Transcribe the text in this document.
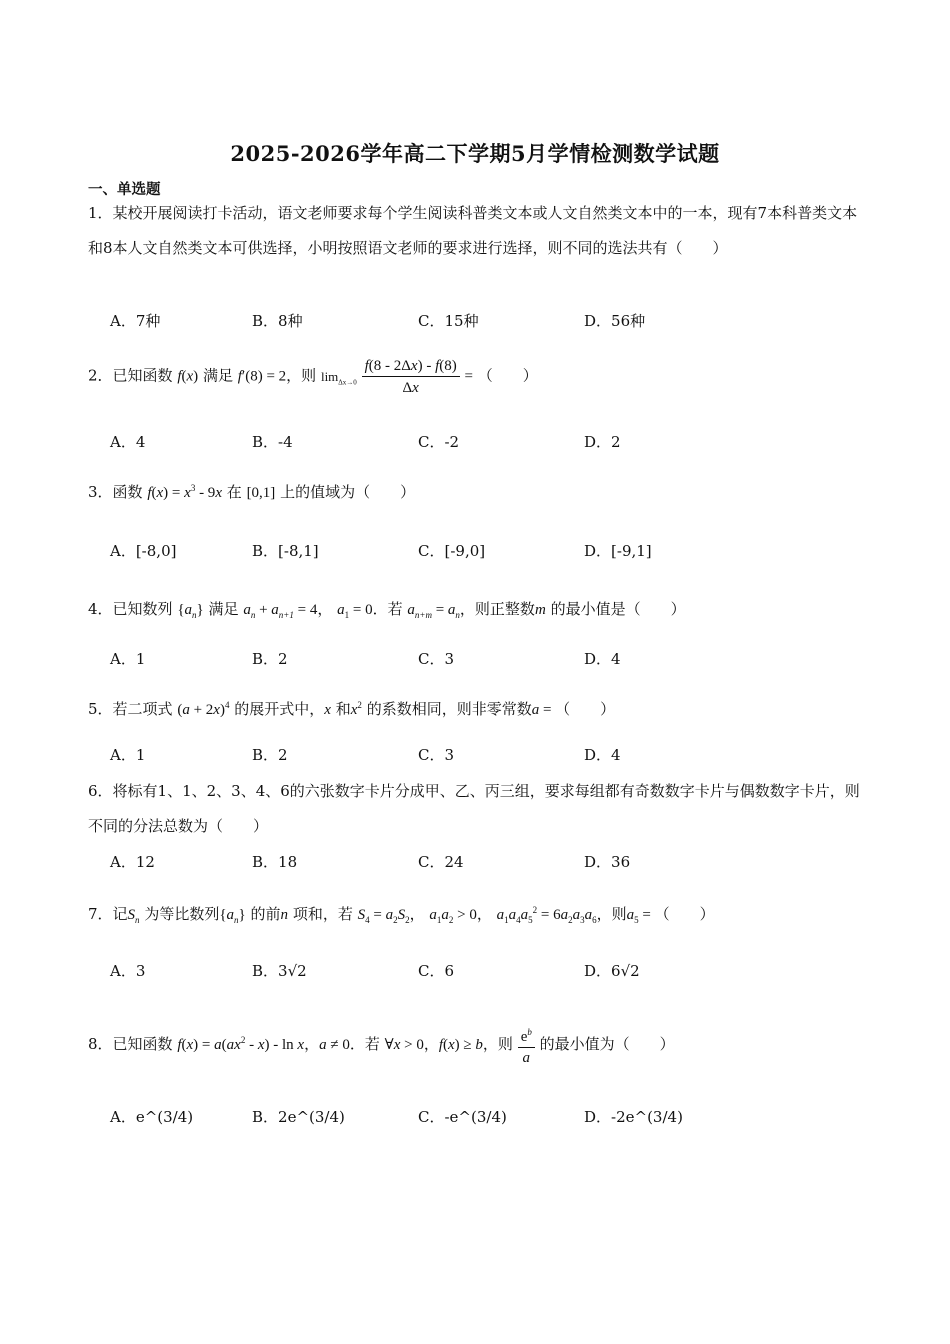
2025-2026学年高二下学期5月学情检测数学试题
一、单选题
1．某校开展阅读打卡活动，语文老师要求每个学生阅读科普类文本或人文自然类文本中的一本，现有7本科普类文本和8本人文自然类文本可供选择，小明按照语文老师的要求进行选择，则不同的选法共有（　　）
A．7种	B．8种	C．15种	D．56种
2．已知函数 f(x) 满足 f′(8) = 2，则 $\lim_{\Delta x\to 0} \frac{f(8 - 2\Delta x) - f(8)}{\Delta x}$ = （　　）
A．4	B．-4	C．-2	D．2
3．函数 $f(x) = x^3 - 9x$ 在 [0,1] 上的值域为（　　）
A．[-8,0]	B．[-8,1]	C．[-9,0]	D．[-9,1]
4．已知数列 $\{a_n\}$ 满足 $a_n + a_{n+1} = 4$， $a_1 = 0$．若 $a_{n+m} = a_n$，则正整数m 的最小值是（　　）
A．1	B．2	C．3	D．4
5．若二项式 $(a + 2x)^4$ 的展开式中，x 和$x^2$ 的系数相同，则非零常数a = （　　）
A．1	B．2	C．3	D．4
6．将标有1、1、2、3、4、6的六张数字卡片分成甲、乙、丙三组，要求每组都有奇数数字卡片与偶数数字卡片，则不同的分法总数为（　　）
A．12	B．18	C．24	D．36
7．记$S_n$ 为等比数列$\{a_n\}$ 的前n 项和，若 $S_4 = a_2S_2$， $a_1a_2 > 0$， $a_1a_4a_5^2 = 6a_2a_3a_6$，则$a_5$ = （　　）
A．3	B．3√2	C．6	D．6√2
8．已知函数 $f(x) = a(ax^2 - x) - \ln x$，a ≠ 0．若 ∀x > 0，f(x) ≥ b，则 $\frac{e^b}{a}$ 的最小值为（　　）
A．e^(3/4)	B．2e^(3/4)	C．-e^(3/4)	D．-2e^(3/4)
